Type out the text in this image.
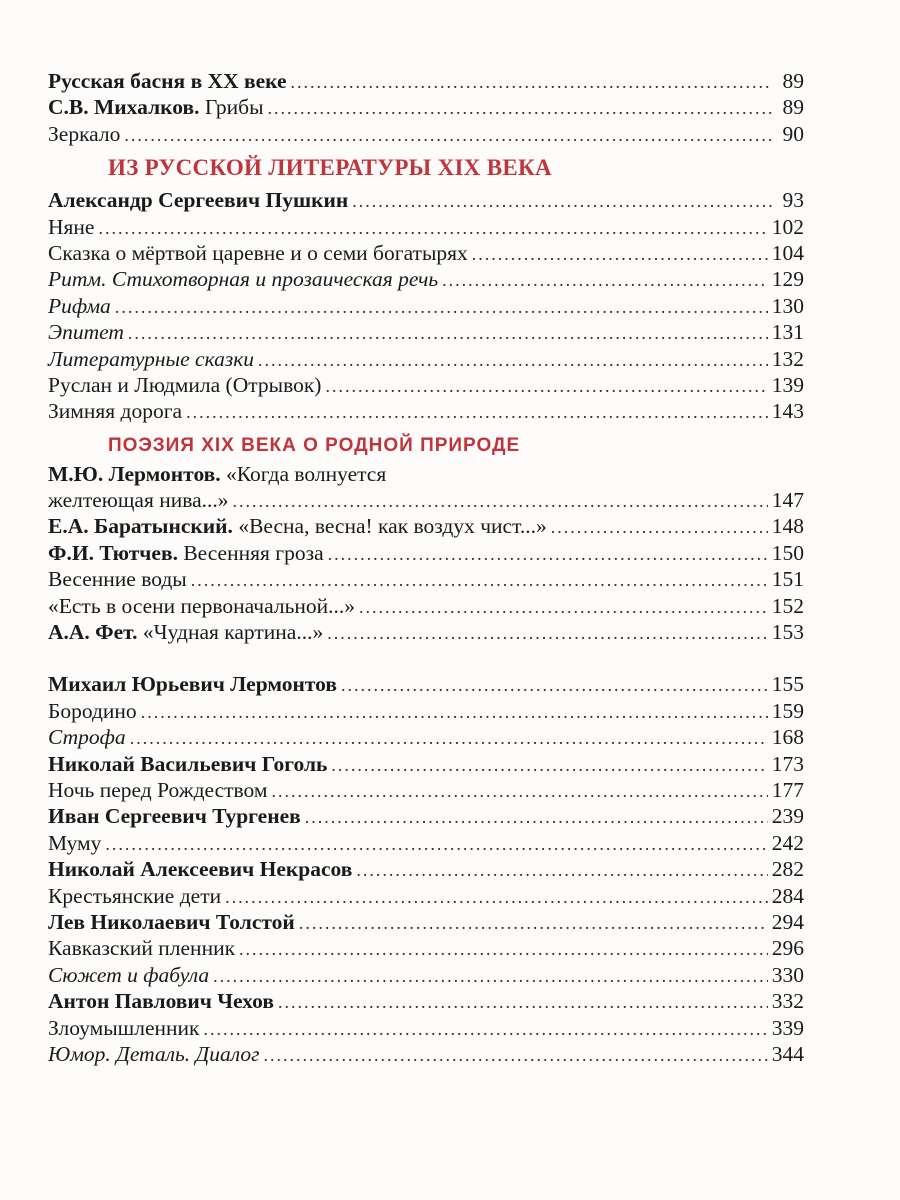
Русская басня в XX веке .....	89
С.В. Михалков. Грибы .....	89
Зеркало .....	90
ИЗ РУССКОЙ ЛИТЕРАТУРЫ XIX ВЕКА
Александр Сергеевич Пушкин .....	93
Няне .....	102
Сказка о мёртвой царевне и о семи богатырях .....	104
Ритм. Стихотворная и прозаическая речь .....	129
Рифма .....	130
Эпитет .....	131
Литературные сказки .....	132
Руслан и Людмила (Отрывок) .....	139
Зимняя дорога .....	143
ПОЭЗИЯ XIX ВЕКА О РОДНОЙ ПРИРОДЕ
М.Ю. Лермонтов. «Когда волнуется
желтеющая нива...» .....	147
Е.А. Баратынский. «Весна, весна! как воздух чист...» .....	148
Ф.И. Тютчев. Весенняя гроза .....	150
Весенние воды .....	151
«Есть в осени первоначальной...» .....	152
А.А. Фет. «Чудная картина...» .....	153
Михаил Юрьевич Лермонтов .....	155
Бородино .....	159
Строфа .....	168
Николай Васильевич Гоголь .....	173
Ночь перед Рождеством .....	177
Иван Сергеевич Тургенев .....	239
Муму .....	242
Николай Алексеевич Некрасов .....	282
Крестьянские дети .....	284
Лев Николаевич Толстой .....	294
Кавказский пленник .....	296
Сюжет и фабула .....	330
Антон Павлович Чехов .....	332
Злоумышленник .....	339
Юмор. Деталь. Диалог .....	344
